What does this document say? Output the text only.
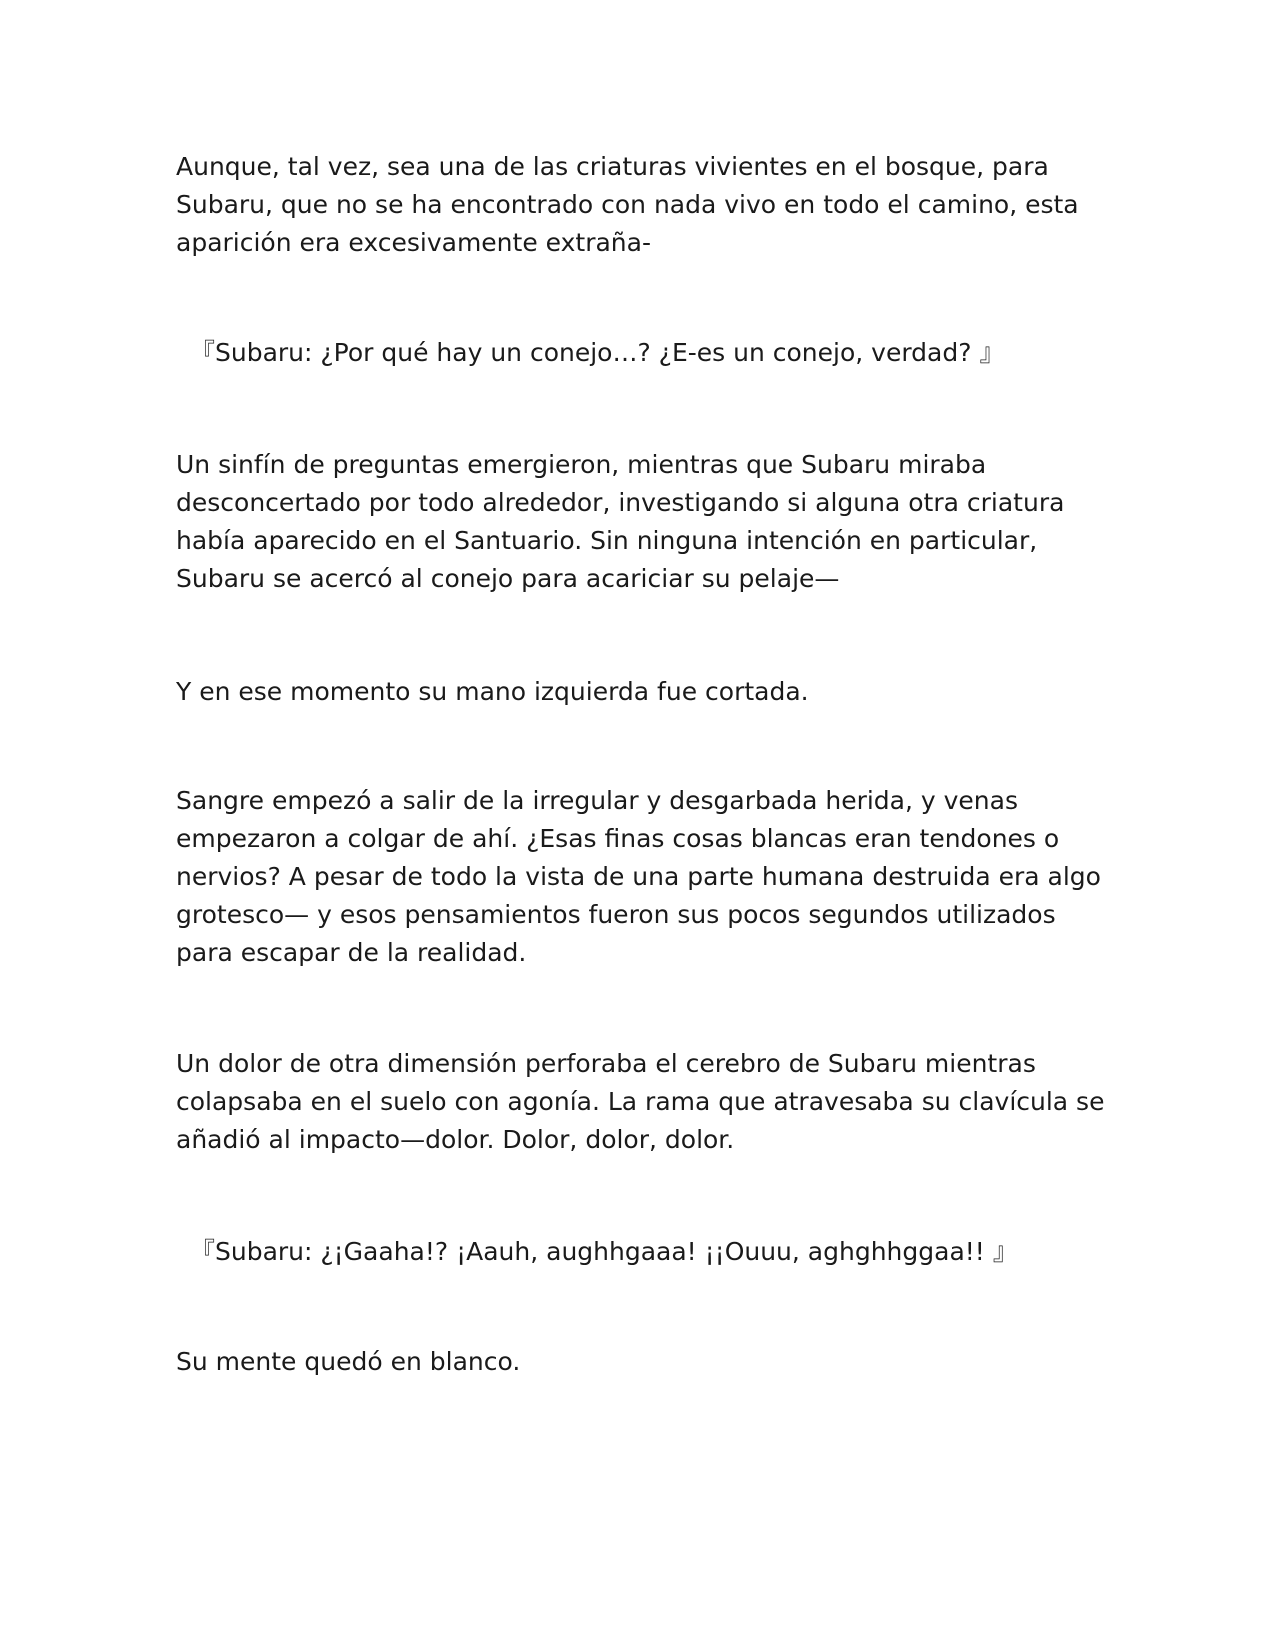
Aunque, tal vez, sea una de las criaturas vivientes en el bosque, para Subaru, que no se ha encontrado con nada vivo en todo el camino, esta aparición era excesivamente extraña-

『Subaru: ¿Por qué hay un conejo…? ¿E-es un conejo, verdad? 』

Un sinfín de preguntas emergieron, mientras que Subaru miraba desconcertado por todo alrededor, investigando si alguna otra criatura había aparecido en el Santuario. Sin ninguna intención en particular, Subaru se acercó al conejo para acariciar su pelaje—

Y en ese momento su mano izquierda fue cortada.

Sangre empezó a salir de la irregular y desgarbada herida, y venas empezaron a colgar de ahí. ¿Esas finas cosas blancas eran tendones o nervios? A pesar de todo la vista de una parte humana destruida era algo grotesco— y esos pensamientos fueron sus pocos segundos utilizados para escapar de la realidad.

Un dolor de otra dimensión perforaba el cerebro de Subaru mientras colapsaba en el suelo con agonía. La rama que atravesaba su clavícula se añadió al impacto—dolor. Dolor, dolor, dolor.

『Subaru: ¿¡Gaaha!? ¡Aauh, aughhgaaa! ¡¡Ouuu, aghghhggaa!! 』

Su mente quedó en blanco.
